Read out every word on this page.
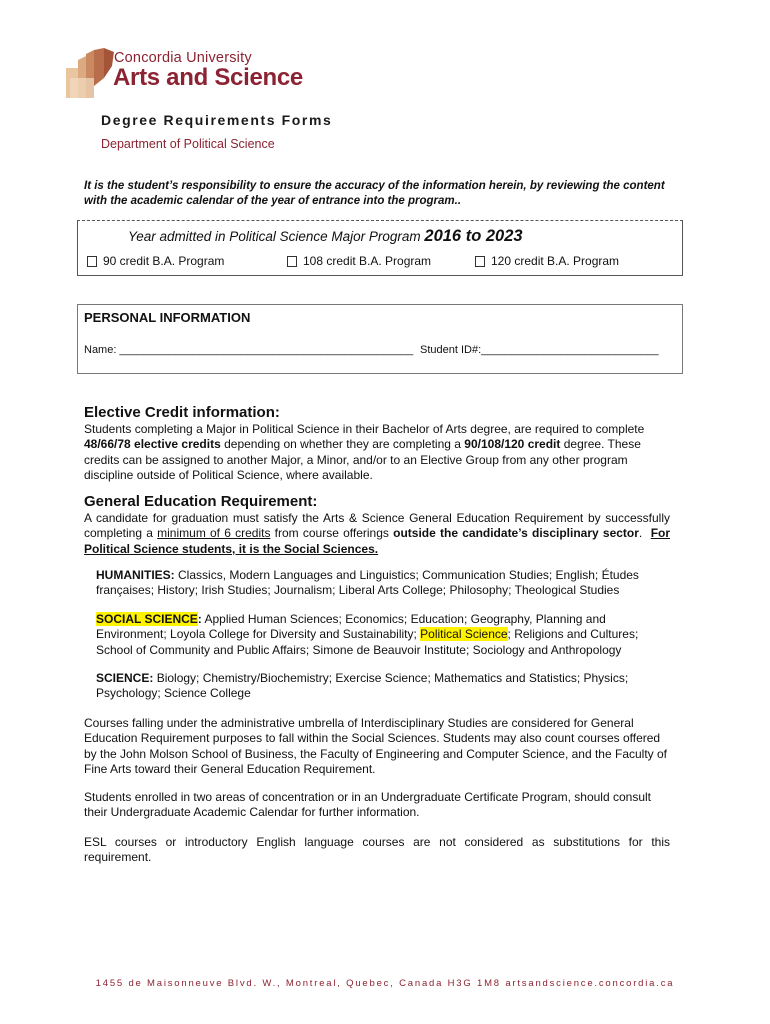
Concordia University
Arts and Science
Degree Requirements Forms
Department of Political Science
It is the student’s responsibility to ensure the accuracy of the information herein, by reviewing the content with the academic calendar of the year of entrance into the program..
Year admitted in Political Science Major Program 2016 to 2023
90 credit B.A. Program	108 credit B.A. Program	120 credit B.A. Program
PERSONAL INFORMATION
Name: ________________________________________________ Student ID#:_____________________________
Elective Credit information:
Students completing a Major in Political Science in their Bachelor of Arts degree, are required to complete 48/66/78 elective credits depending on whether they are completing a 90/108/120 credit degree. These credits can be assigned to another Major, a Minor, and/or to an Elective Group from any other program discipline outside of Political Science, where available.
General Education Requirement:
A candidate for graduation must satisfy the Arts & Science General Education Requirement by successfully completing a minimum of 6 credits from course offerings outside the candidate’s disciplinary sector. For Political Science students, it is the Social Sciences.
HUMANITIES: Classics, Modern Languages and Linguistics; Communication Studies; English; Études françaises; History; Irish Studies; Journalism; Liberal Arts College; Philosophy; Theological Studies
SOCIAL SCIENCE: Applied Human Sciences; Economics; Education; Geography, Planning and Environment; Loyola College for Diversity and Sustainability; Political Science; Religions and Cultures; School of Community and Public Affairs; Simone de Beauvoir Institute; Sociology and Anthropology
SCIENCE: Biology; Chemistry/Biochemistry; Exercise Science; Mathematics and Statistics; Physics; Psychology; Science College
Courses falling under the administrative umbrella of Interdisciplinary Studies are considered for General Education Requirement purposes to fall within the Social Sciences. Students may also count courses offered by the John Molson School of Business, the Faculty of Engineering and Computer Science, and the Faculty of Fine Arts toward their General Education Requirement.
Students enrolled in two areas of concentration or in an Undergraduate Certificate Program, should consult their Undergraduate Academic Calendar for further information.
ESL courses or introductory English language courses are not considered as substitutions for this requirement.
1455 de Maisonneuve Blvd. W., Montreal, Quebec, Canada H3G 1M8 artsandscience.concordia.ca
